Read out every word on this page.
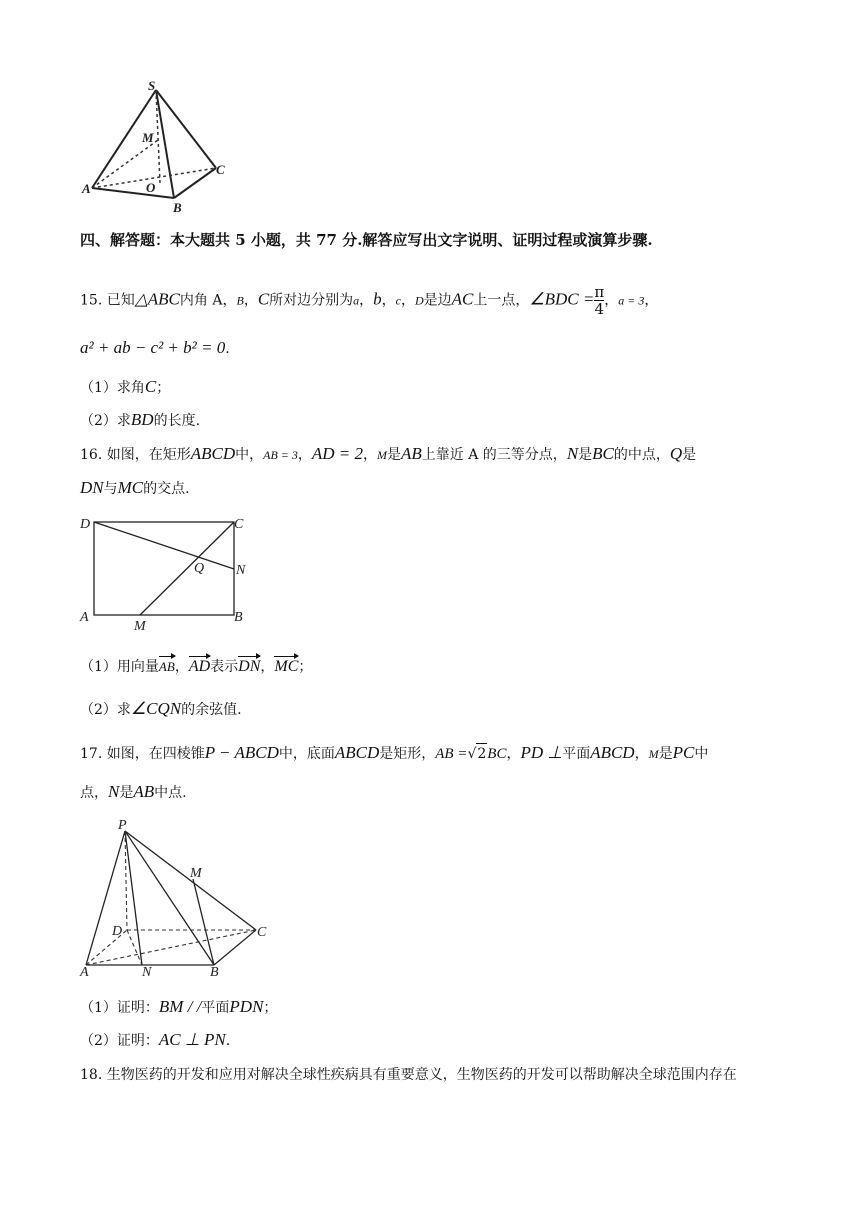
S
M
C
A	O
B
四、解答题：本大题共 5 小题，共 77 分.解答应写出文字说明、证明过程或演算步骤.
15. 已知△ABC内角 A，B，C所对边分别为a，b，c，D是边AC上一点，∠BDC = $\frac{\pi}{4}$ ，a = 3，
a² + ab − c² + b² = 0.
（1）求角C；
（2）求BD的长度.
16. 如图，在矩形ABCD中，AB = 3，AD = 2，M是AB上靠近 A 的三等分点，N是BC的中点，Q是
DN与MC的交点.
D	C
Q N
A
M
B
（1）用向量AB，AD表示DN，MC；
（2）求∠CQN的余弦值.
17. 如图，在四棱锥P − ABCD中，底面ABCD是矩形，AB =√2BC，PD ⊥平面ABCD，M是PC中
点，N是AB中点.
P
M
D	C
A	N	B
（1）证明：BM / /平面PDN；
（2）证明：AC ⊥ PN.
18. 生物医药的开发和应用对解决全球性疾病具有重要意义，生物医药的开发可以帮助解决全球范围内存在
